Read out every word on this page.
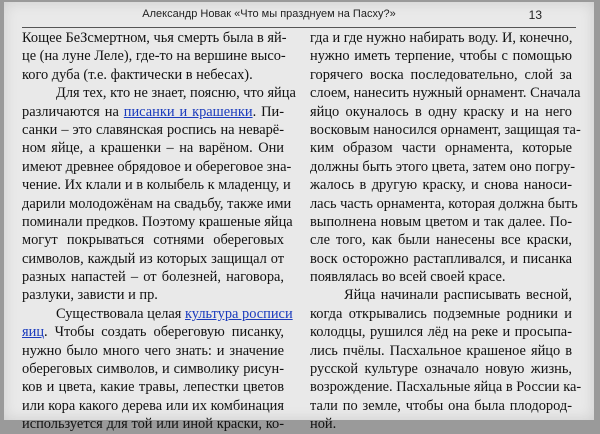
Александр Новак «Что мы празднуем на Пасху?»	13
Кощее БеЗсмертном, чья смерть была в яй-
це (на луне Леле), где-то на вершине высо-
кого дуба (т.е. фактически в небесах).
Для тех, кто не знает, поясню, что яйца
различаются на писанки и крашенки. Пи-
санки – это славянская роспись на неварё-
ном яйце, а крашенки – на варёном. Они
имеют древнее обрядовое и обереговое зна-
чение. Их клали и в колыбель к младенцу, и
дарили молодожёнам на свадьбу, также ими
поминали предков. Поэтому крашеные яйца
могут покрываться сотнями обереговых
символов, каждый из которых защищал от
разных напастей – от болезней, наговора,
разлуки, зависти и пр.
Существовала целая культура росписи
яиц. Чтобы создать обереговую писанку,
нужно было много чего знать: и значение
обереговых символов, и символику рисун-
ков и цвета, какие травы, лепестки цветов
или кора какого дерева или их комбинация
используется для той или иной краски, ко-
гда и где нужно набирать воду. И, конечно,
нужно иметь терпение, чтобы с помощью
горячего воска последовательно, слой за
слоем, нанесить нужный орнамент. Сначала
яйцо окуналось в одну краску и на него
восковым наносился орнамент, защищая та-
ким образом части орнамента, которые
должны быть этого цвета, затем оно погру-
жалось в другую краску, и снова наноси-
лась часть орнамента, которая должна быть
выполнена новым цветом и так далее. По-
сле того, как были нанесены все краски,
воск осторожно растапливался, и писанка
появлялась во всей своей красе.
Яйца начинали расписывать весной,
когда открывались подземные родники и
колодцы, рушился лёд на реке и просыпа-
лись пчёлы. Пасхальное крашеное яйцо в
русской культуре означало новую жизнь,
возрождение. Пасхальные яйца в России ка-
тали по земле, чтобы она была плодород-
ной.
